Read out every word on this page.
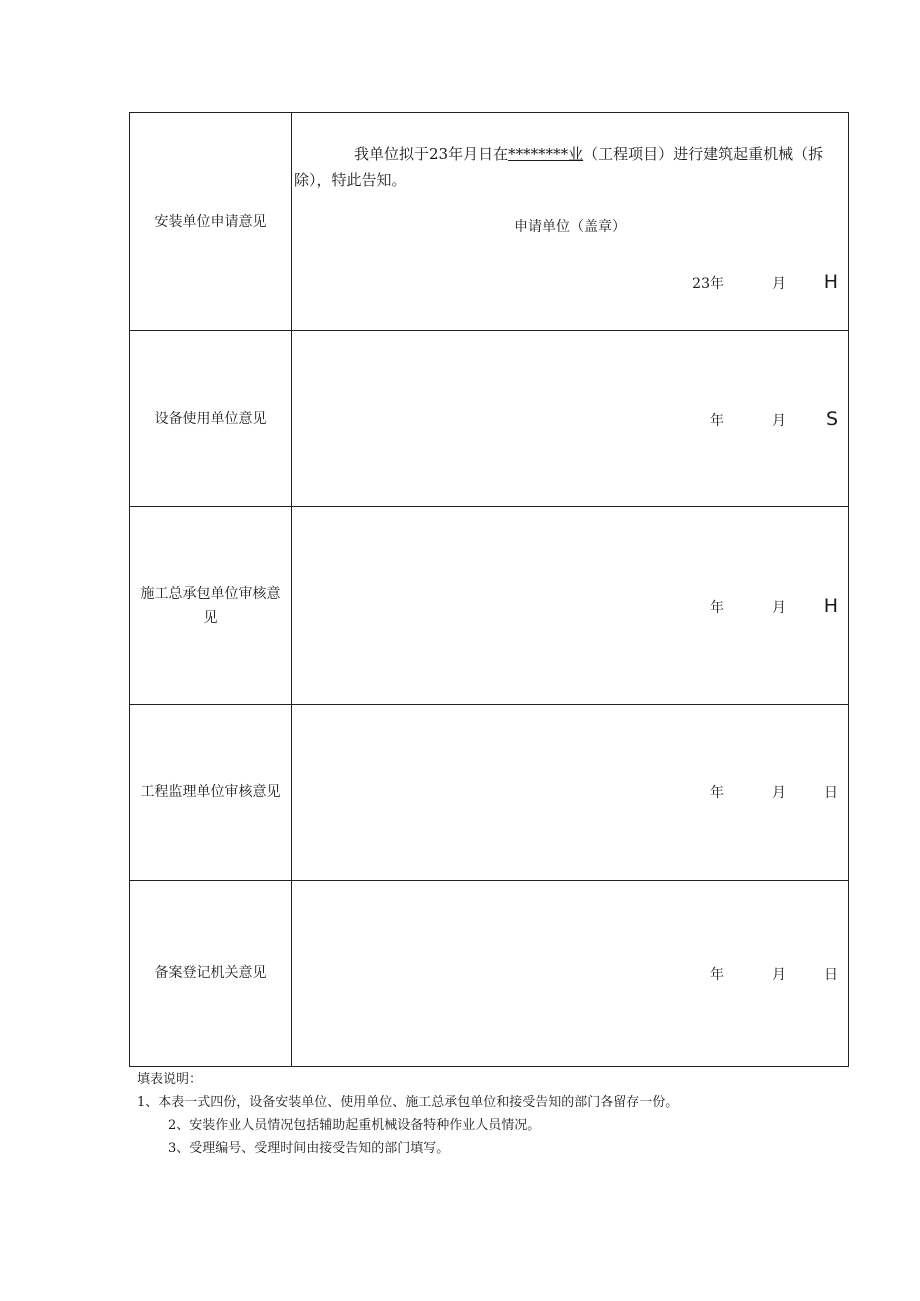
安装单位申请意见	我单位拟于23年月日在********业（工程项目）进行建筑起重机械（拆除），特此告知。
申请单位（盖章）
23年 月 H

设备使用单位意见	年 月 S

施工总承包单位审核意见	年 月 H

工程监理单位审核意见	年 月 日

备案登记机关意见	年 月 日

填表说明：

1、本表一式四份，设备安装单位、使用单位、施工总承包单位和接受告知的部门各留存一份。

2、安装作业人员情况包括辅助起重机械设备特种作业人员情况。

3、受理编号、受理时间由接受告知的部门填写。
